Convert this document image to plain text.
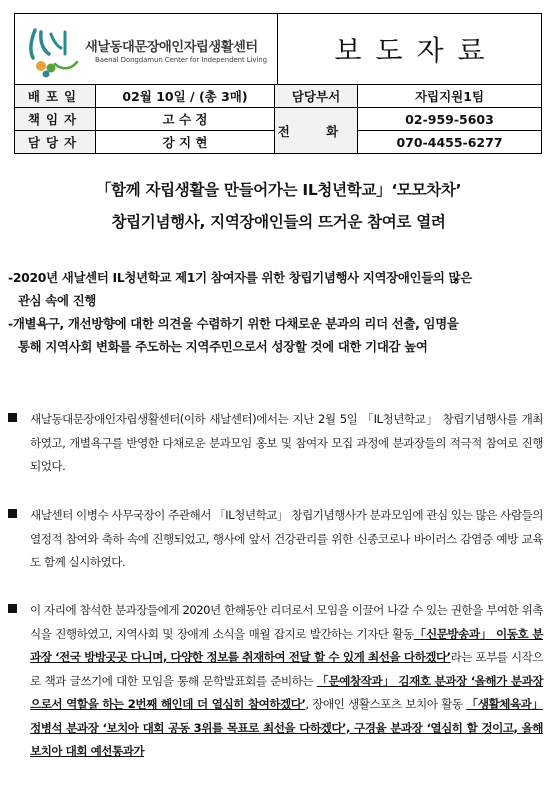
새날동대문장애인자립생활센터
Baenal Dongdamun Center for Independent Living	보도자료
배포일	02월 10일 / (총 3매)	담당부서	자립지원1팀
책임자	고 수 정	전 화	02-959-5603
담당자	강 지 현		070-4455-6277
「함께 자립생활을 만들어가는 IL청년학교」‘모모차차’
창립기념행사, 지역장애인들의 뜨거운 참여로 열려

-2020년 새날센터 IL청년학교 제1기 참여자를 위한 창립기념행사 지역장애인들의 많은

관심 속에 진행

-개별욕구, 개선방향에 대한 의견을 수렴하기 위한 다채로운 분과의 리더 선출, 임명을

통해 지역사회 변화를 주도하는 지역주민으로서 성장할 것에 대한 기대감 높여

새날동대문장애인자립생활센터(이하 새날센터)에서는 지난 2월 5일 「IL청년학교」 창립기념행사를 개최하였고, 개별욕구를 반영한 다채로운 분과모임 홍보 및 참여자 모집 과정에 분과장들의 적극적 참여로 진행되었다.
새날센터 이병수 사무국장이 주관해서 「IL청년학교」 창립기념행사가 분과모임에 관심 있는 많은 사람들의 열정적 참여와 축하 속에 진행되었고, 행사에 앞서 건강관리를 위한 신종코로나 바이러스 감염증 예방 교육도 함께 실시하였다.
이 자리에 참석한 분과장들에게 2020년 한해동안 리더로서 모임을 이끌어 나갈 수 있는 권한을 부여한 위촉식을 진행하였고, 지역사회 및 장애계 소식을 매월 잡지로 발간하는 기자단 활동「신문방송과」 이동호 분과장 ‘전국 방방곳곳 다니며, 다양한 정보를 취재하여 전달 할 수 있게 최선을 다하겠다’라는 포부를 시작으로 책과 글쓰기에 대한 모임을 통해 문학발표회를 준비하는 「문예창작과」 김재호 분과장 ‘올해가 분과장으로서 역할을 하는 2번째 해인데 더 열심히 참여하겠다’, 장애인 생활스포츠 보치아 활동 「생활체육과」 정병석 분과장 ‘보치아 대회 공동 3위를 목표로 최선을 다하겠다’, 구경율 분과장 ‘열심히 할 것이고, 올해 보치아 대회 예선통과가
